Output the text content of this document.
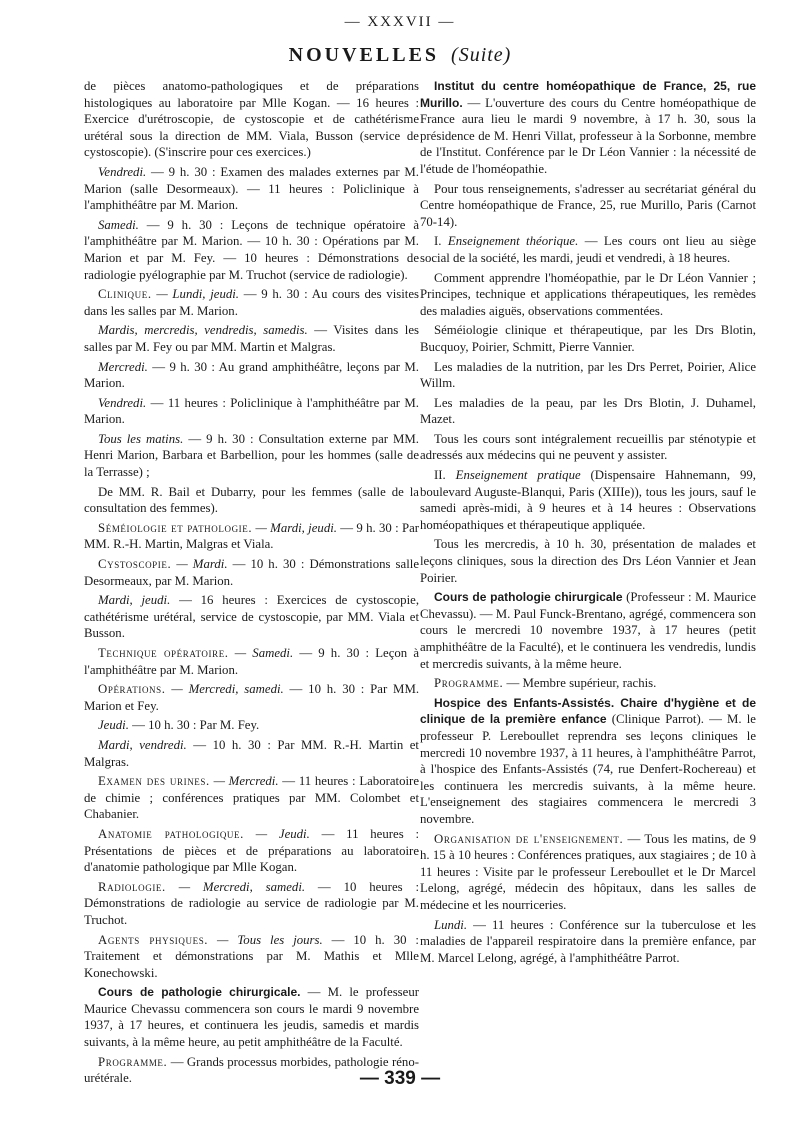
— XXXVII —
NOUVELLES (Suite)

de pièces anatomo-pathologiques et de préparations histologiques au laboratoire par Mlle Kogan. — 16 heures : Exercice d'urétroscopie, de cystoscopie et de cathétérisme urétéral sous la direction de MM. Viala, Busson (service de cystoscopie). (S'inscrire pour ces exercices.)

Vendredi. — 9 h. 30 : Examen des malades externes par M. Marion (salle Desormeaux). — 11 heures : Policlinique à l'amphithéâtre par M. Marion.

Samedi. — 9 h. 30 : Leçons de technique opératoire à l'amphithéâtre par M. Marion. — 10 h. 30 : Opérations par M. Marion et par M. Fey. — 10 heures : Démonstrations de radiologie pyélographie par M. Truchot (service de radiologie).

Clinique. — Lundi, jeudi. — 9 h. 30 : Au cours des visites dans les salles par M. Marion.

Mardis, mercredis, vendredis, samedis. — Visites dans les salles par M. Fey ou par MM. Martin et Malgras.

Mercredi. — 9 h. 30 : Au grand amphithéâtre, leçons par M. Marion.

Vendredi. — 11 heures : Policlinique à l'amphithéâtre par M. Marion.

Tous les matins. — 9 h. 30 : Consultation externe par MM. Henri Marion, Barbara et Barbellion, pour les hommes (salle de la Terrasse) ;

De MM. R. Bail et Dubarry, pour les femmes (salle de la consultation des femmes).

Séméiologie et pathologie. — Mardi, jeudi. — 9 h. 30 : Par MM. R.-H. Martin, Malgras et Viala.

Cystoscopie. — Mardi. — 10 h. 30 : Démonstrations salle Desormeaux, par M. Marion.

Mardi, jeudi. — 16 heures : Exercices de cystoscopie, cathétérisme urétéral, service de cystoscopie, par MM. Viala et Busson.

Technique opératoire. — Samedi. — 9 h. 30 : Leçon à l'amphithéâtre par M. Marion.

Opérations. — Mercredi, samedi. — 10 h. 30 : Par MM. Marion et Fey.

Jeudi. — 10 h. 30 : Par M. Fey.

Mardi, vendredi. — 10 h. 30 : Par MM. R.-H. Martin et Malgras.

Examen des urines. — Mercredi. — 11 heures : Laboratoire de chimie ; conférences pratiques par MM. Colombet et Chabanier.

Anatomie pathologique. — Jeudi. — 11 heures : Présentations de pièces et de préparations au laboratoire d'anatomie pathologique par Mlle Kogan.

Radiologie. — Mercredi, samedi. — 10 heures : Démonstrations de radiologie au service de radiologie par M. Truchot.

Agents physiques. — Tous les jours. — 10 h. 30 : Traitement et démonstrations par M. Mathis et Mlle Konechowski.

Cours de pathologie chirurgicale. — M. le professeur Maurice Chevassu commencera son cours le mardi 9 novembre 1937, à 17 heures, et continuera les jeudis, samedis et mardis suivants, à la même heure, au petit amphithéâtre de la Faculté.

Programme. — Grands processus morbides, pathologie réno-urétérale.

Institut du centre homéopathique de France, 25, rue Murillo. — L'ouverture des cours du Centre homéopathique de France aura lieu le mardi 9 novembre, à 17 h. 30, sous la présidence de M. Henri Villat, professeur à la Sorbonne, membre de l'Institut. Conférence par le Dr Léon Vannier : la nécessité de l'étude de l'homéopathie.

Pour tous renseignements, s'adresser au secrétariat général du Centre homéopathique de France, 25, rue Murillo, Paris (Carnot 70-14).

I. Enseignement théorique. — Les cours ont lieu au siège social de la société, les mardi, jeudi et vendredi, à 18 heures.

Comment apprendre l'homéopathie, par le Dr Léon Vannier ; Principes, technique et applications thérapeutiques, les remèdes des maladies aiguës, observations commentées.

Séméiologie clinique et thérapeutique, par les Drs Blotin, Bucquoy, Poirier, Schmitt, Pierre Vannier.

Les maladies de la nutrition, par les Drs Perret, Poirier, Alice Willm.

Les maladies de la peau, par les Drs Blotin, J. Duhamel, Mazet.

Tous les cours sont intégralement recueillis par sténotypie et adressés aux médecins qui ne peuvent y assister.

II. Enseignement pratique (Dispensaire Hahnemann, 99, boulevard Auguste-Blanqui, Paris (XIIIe)), tous les jours, sauf le samedi après-midi, à 9 heures et à 14 heures : Observations homéopathiques et thérapeutique appliquée.

Tous les mercredis, à 10 h. 30, présentation de malades et leçons cliniques, sous la direction des Drs Léon Vannier et Jean Poirier.

Cours de pathologie chirurgicale (Professeur : M. Maurice Chevassu). — M. Paul Funck-Brentano, agrégé, commencera son cours le mercredi 10 novembre 1937, à 17 heures (petit amphithéâtre de la Faculté), et le continuera les vendredis, lundis et mercredis suivants, à la même heure.

Programme. — Membre supérieur, rachis.

Hospice des Enfants-Assistés. Chaire d'hygiène et de clinique de la première enfance (Clinique Parrot). — M. le professeur P. Lereboullet reprendra ses leçons cliniques le mercredi 10 novembre 1937, à 11 heures, à l'amphithéâtre Parrot, à l'hospice des Enfants-Assistés (74, rue Denfert-Rochereau) et les continuera les mercredis suivants, à la même heure. L'enseignement des stagiaires commencera le mercredi 3 novembre.

Organisation de l'enseignement. — Tous les matins, de 9 h. 15 à 10 heures : Conférences pratiques, aux stagiaires ; de 10 à 11 heures : Visite par le professeur Lereboullet et le Dr Marcel Lelong, agrégé, médecin des hôpitaux, dans les salles de médecine et les nourriceries.

Lundi. — 11 heures : Conférence sur la tuberculose et les maladies de l'appareil respiratoire dans la première enfance, par M. Marcel Lelong, agrégé, à l'amphithéâtre Parrot.

— 339 —
